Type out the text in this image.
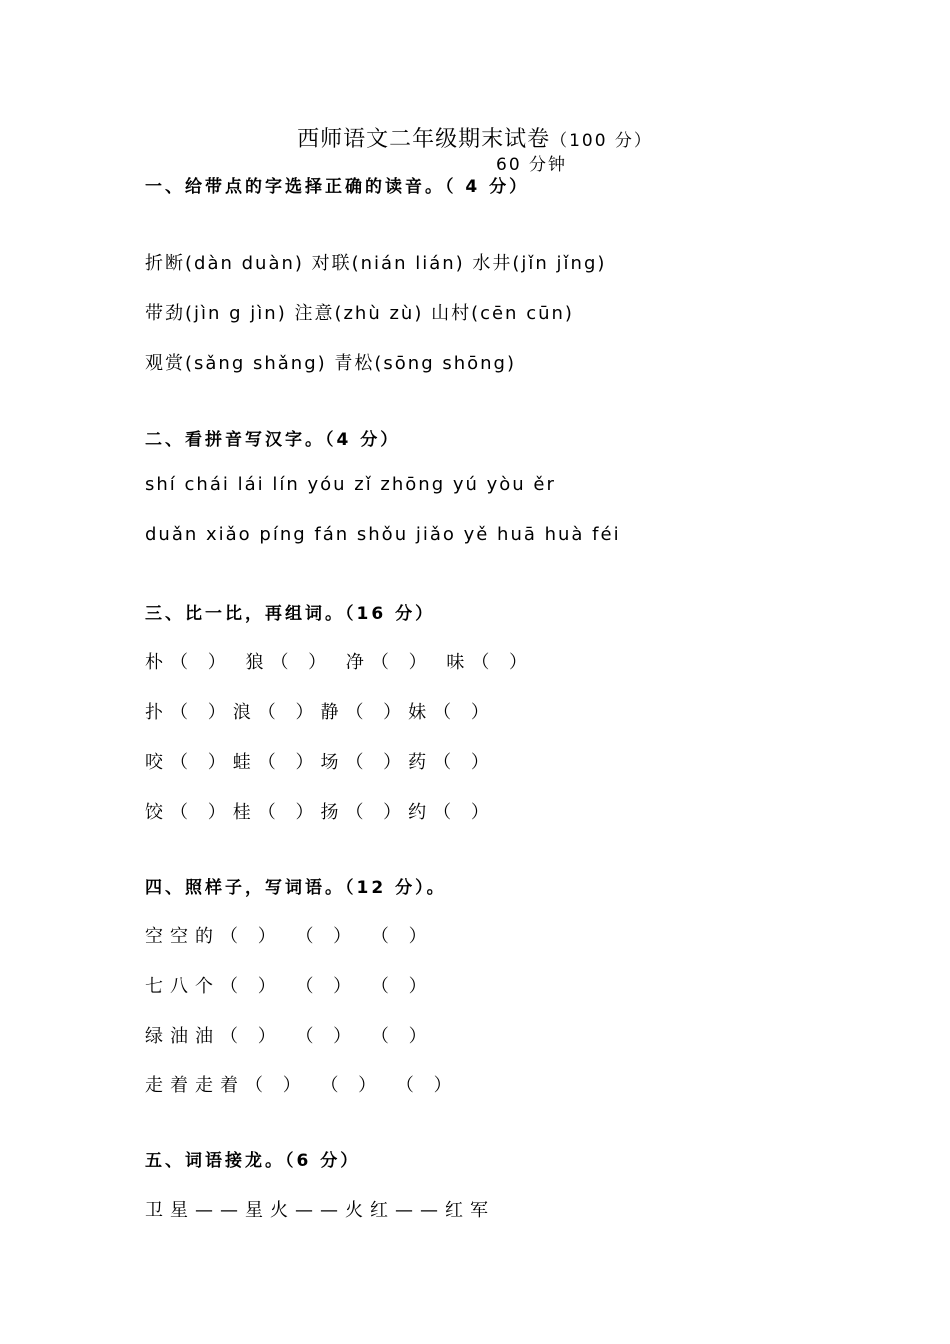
西师语文二年级期末试卷（100 分）
60 分钟
一、给带点的字选择正确的读音。（ 4 分）
折断(dàn duàn) 对联(nián lián) 水井(jǐn jǐng)
带劲(jìn g jìn) 注意(zhù zù) 山村(cēn cūn)
观赏(sǎng shǎng) 青松(sōng shōng)
二、看拼音写汉字。（4 分）
shí chái lái lín yóu zǐ zhōng yú yòu ěr
duǎn xiǎo píng fán shǒu jiǎo yě huā huà féi
三、比一比，再组词。（16 分）
朴（ ） 狼（ ） 净（ ） 味（ ）
扑（ ）浪（ ）静（ ）妹（ ）
咬（ ）蛙（ ）场（ ）药（ ）
饺（ ）桂（ ）扬（ ）约（ ）
四、照样子，写词语。（12 分）。
空空的（ ） （ ） （ ）
七八个（ ） （ ） （ ）
绿油油（ ） （ ） （ ）
走着走着（ ） （ ） （ ）
五、词语接龙。（6 分）
卫星——星火——火红——红军
